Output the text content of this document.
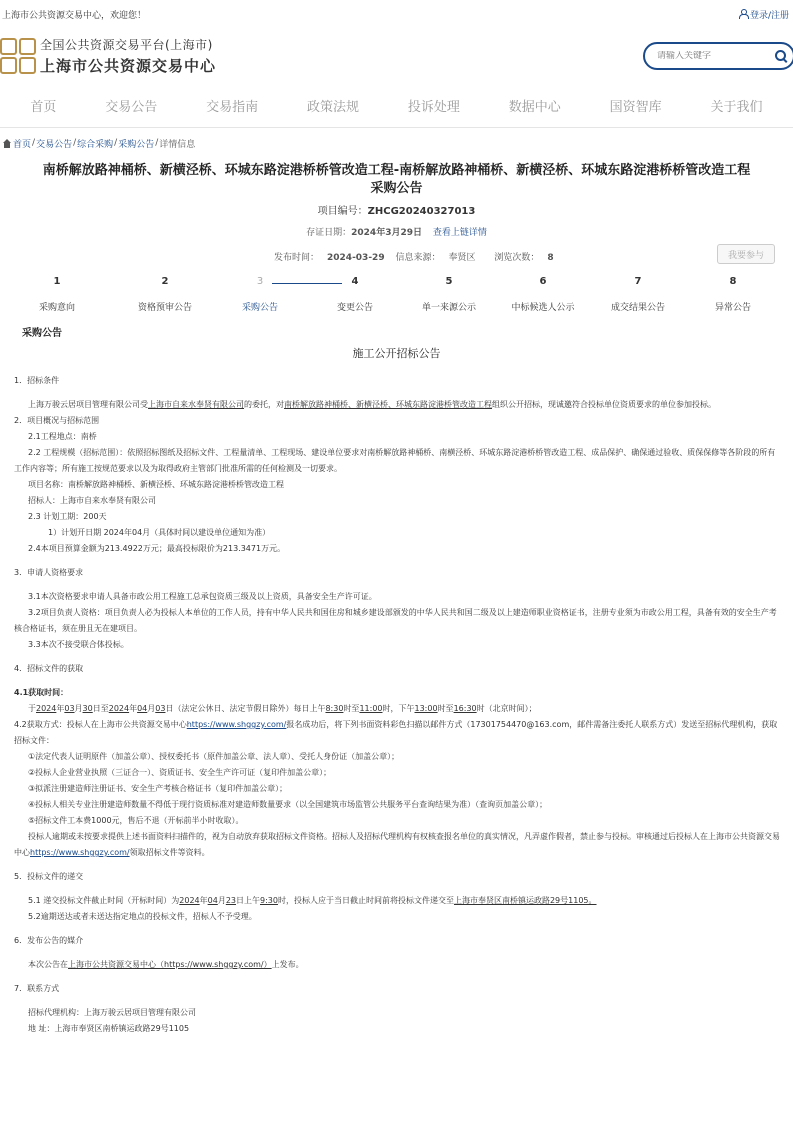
上海市公共资源交易中心，欢迎您！	登录/注册
全国公共资源交易平台(上海市)
上海市公共资源交易中心
请输入关键字
首页	交易公告	交易指南	政策法规	投诉处理	数据中心	国资智库	关于我们
首页 / 交易公告 / 综合采购 / 采购公告 / 详情信息
南桥解放路神桶桥、新横泾桥、环城东路淀港桥桥管改造工程-南桥解放路神桶桥、新横泾桥、环城东路淀港桥桥管改造工程采购公告
项目编号：ZHCG20240327013
存证日期：2024年3月29日 查看上链详情
发布时间： 2024-03-29 信息来源： 奉贤区 浏览次数： 8	我要参与
1
采购意向
2
资格预审公告
3
采购公告
4
变更公告
5
单一来源公示
6
中标候选人公示
7
成交结果公告
8
异常公告
采购公告
施工公开招标公告

1．招标条件

上海万骏云居项目管理有限公司受上海市自来水奉贤有限公司的委托，对南桥解放路神桶桥、新横泾桥、环城东路淀港桥管改造工程组织公开招标，现诚邀符合投标单位资质要求的单位参加投标。

2．项目概况与招标范围

2.1工程地点：南桥

2.2 工程规模（招标范围）：依照招标图纸及招标文件、工程量清单、工程现场、建设单位要求对南桥解放路神桶桥、南横泾桥、环城东路淀港桥桥管改造工程、成品保护、确保通过验收、质保保修等各阶段的所有工作内容等；所有施工按规范要求以及为取得政府主管部门批准所需的任何检测及一切要求。

项目名称：南桥解放路神桶桥、新横泾桥、环城东路淀港桥桥管改造工程

招标人：上海市自来水奉贤有限公司

2.3 计划工期：200天

1）计划开日期 2024年04月（具体时间以建设单位通知为准）

2.4本项目预算金额为213.4922万元；最高投标限价为213.3471万元。

3．申请人资格要求

3.1本次资格要求申请人具备市政公用工程施工总承包资质三级及以上资质，具备安全生产许可证。

3.2项目负责人资格：项目负责人必为投标人本单位的工作人员，持有中华人民共和国住房和城乡建设部颁发的中华人民共和国二级及以上建造师职业资格证书，注册专业须为市政公用工程，具备有效的安全生产考核合格证书，须在册且无在建项目。

3.3本次不接受联合体投标。

4．招标文件的获取

4.1获取时间：

于2024年03月30日至2024年04月03日（法定公休日、法定节假日除外）每日上午8:30时至11:00时，下午13:00时至16:30时（北京时间）；

4.2获取方式：投标人在上海市公共资源交易中心https://www.shggzy.com/报名成功后，将下列书面资料彩色扫描以邮件方式（17301754470@163.com，邮件需备注委托人联系方式）发送至招标代理机构，获取招标文件：

①法定代表人证明原件（加盖公章）、授权委托书（原件加盖公章、法人章）、受托人身份证（加盖公章）；

②投标人企业营业执照（三证合一）、资质证书、安全生产许可证（复印件加盖公章）；

③拟派注册建造师注册证书、安全生产考核合格证书（复印件加盖公章）；

④投标人相关专业注册建造师数量不得低于现行资质标准对建造师数量要求（以全国建筑市场监管公共服务平台查询结果为准）（查询页加盖公章）；

⑤招标文件工本费1000元，售后不退（开标前半小时收取）。

投标人逾期或未按要求提供上述书面资料扫描件的，视为自动放弃获取招标文件资格。招标人及招标代理机构有权核查报名单位的真实情况，凡弄虚作假者，禁止参与投标。审核通过后投标人在上海市公共资源交易中心https://www.shggzy.com/领取招标文件等资料。

5．投标文件的递交

5.1 递交投标文件截止时间（开标时间）为2024年04月23日上午9:30时，投标人应于当日截止时间前将投标文件递交至上海市奉贤区南桥镇运政路29号1105。

5.2逾期送达或者未送达指定地点的投标文件，招标人不予受理。

6．发布公告的媒介

本次公告在上海市公共资源交易中心（https://www.shggzy.com/）上发布。

7．联系方式

招标代理机构：上海万骏云居项目管理有限公司

地 址：上海市奉贤区南桥镇运政路29号1105
